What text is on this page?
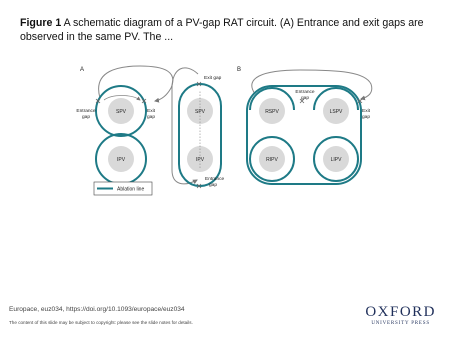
Figure 1 A schematic diagram of a PV-gap RAT circuit. (A) Entrance and exit gaps are observed in the same PV. The ...
A	B
SPV
IPV
Entrance
gap
Exit
gap
SPV
IPV
Exit gap
Entrance
gap
RSPV	LSPV
RIPV	LIPV
Entrance
gap
Exit
gap
Ablation line
Europace, euz034, https://doi.org/10.1093/europace/euz034
The content of this slide may be subject to copyright: please see the slide notes for details.
OXFORD
UNIVERSITY PRESS
